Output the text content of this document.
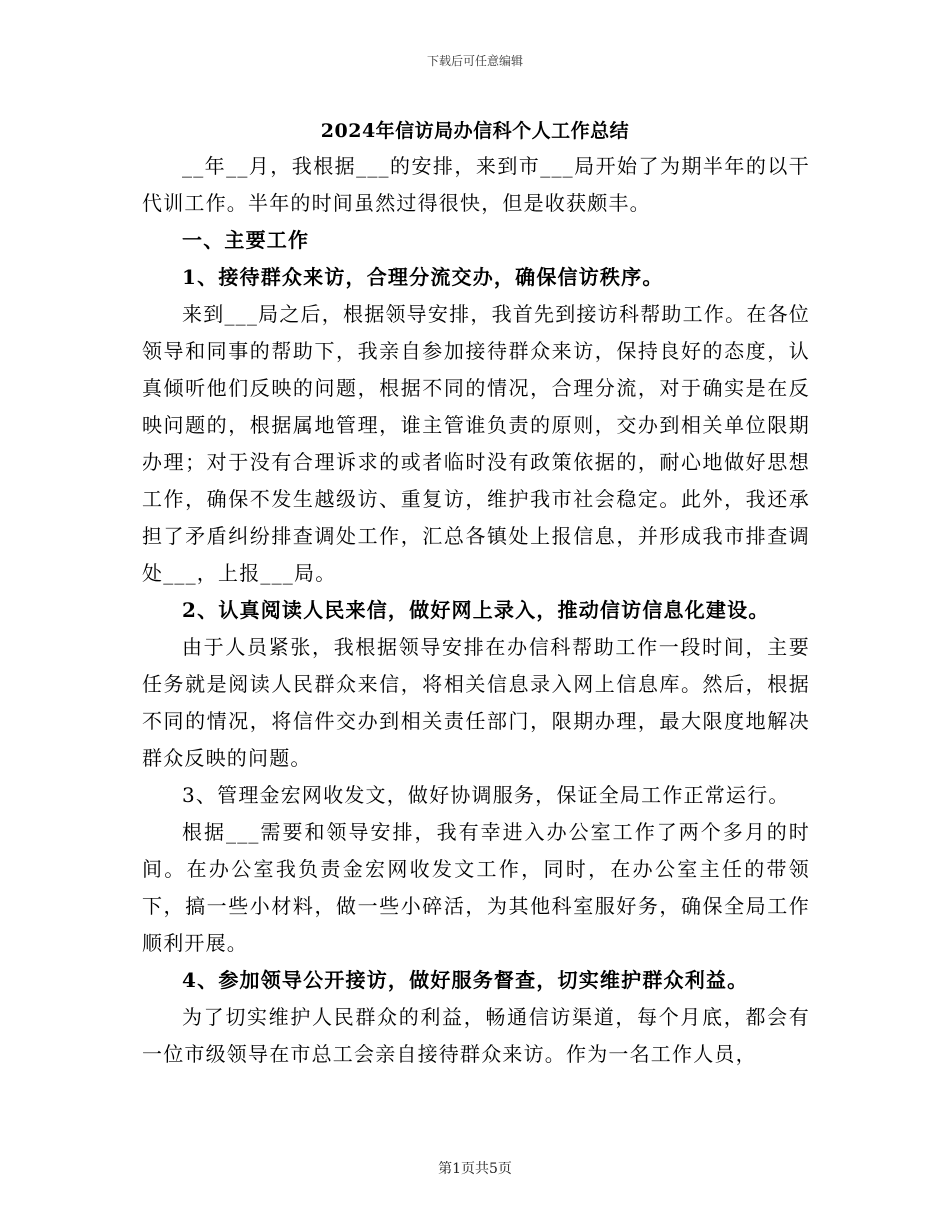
下载后可任意编辑
2024年信访局办信科个人工作总结

__年__月，我根据___的安排，来到市___局开始了为期半年的以干代训工作。半年的时间虽然过得很快，但是收获颇丰。

一、主要工作

1、接待群众来访，合理分流交办，确保信访秩序。

来到___局之后，根据领导安排，我首先到接访科帮助工作。在各位领导和同事的帮助下，我亲自参加接待群众来访，保持良好的态度，认真倾听他们反映的问题，根据不同的情况，合理分流，对于确实是在反映问题的，根据属地管理，谁主管谁负责的原则，交办到相关单位限期办理；对于没有合理诉求的或者临时没有政策依据的，耐心地做好思想工作，确保不发生越级访、重复访，维护我市社会稳定。此外，我还承担了矛盾纠纷排查调处工作，汇总各镇处上报信息，并形成我市排查调处___，上报___局。

2、认真阅读人民来信，做好网上录入，推动信访信息化建设。

由于人员紧张，我根据领导安排在办信科帮助工作一段时间，主要任务就是阅读人民群众来信，将相关信息录入网上信息库。然后，根据不同的情况，将信件交办到相关责任部门，限期办理，最大限度地解决群众反映的问题。

3、管理金宏网收发文，做好协调服务，保证全局工作正常运行。

根据___需要和领导安排，我有幸进入办公室工作了两个多月的时间。在办公室我负责金宏网收发文工作，同时，在办公室主任的带领下，搞一些小材料，做一些小碎活，为其他科室服好务，确保全局工作顺利开展。

4、参加领导公开接访，做好服务督查，切实维护群众利益。

为了切实维护人民群众的利益，畅通信访渠道，每个月底，都会有一位市级领导在市总工会亲自接待群众来访。作为一名工作人员，

第1页共5页
